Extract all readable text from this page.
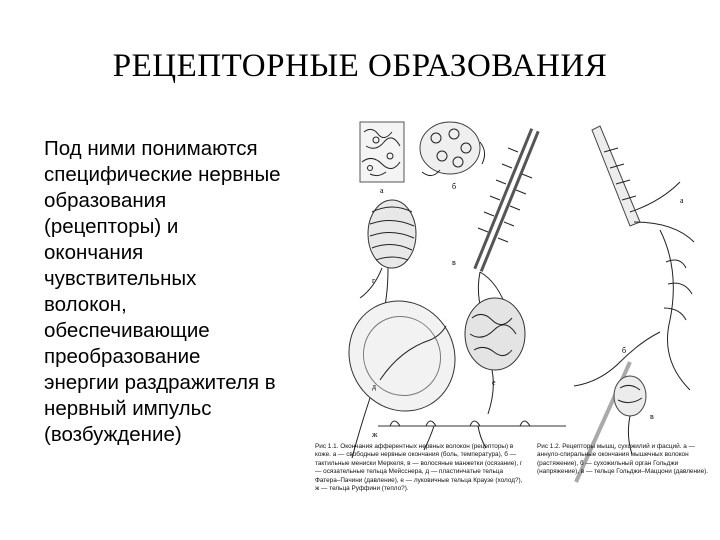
РЕЦЕПТОРНЫЕ ОБРАЗОВАНИЯ
Под ними понимаются
специфические нервные
образования
(рецепторы) и
окончания
чувствительных
волокон,
обеспечивающие
преобразование
энергии раздражителя в
нервный импульс
(возбуждение)
а	б
в
г
д	е
ж
а
б
в
Рис 1.1. Окончания афферентных нервных волокон (рецепторы) в коже. а — свободные нервные окончания (боль, температура), б — тактильные мениски Меркеля, в — волосяные манжетки (осязание), г — осязательные тельца Мейсснера, д — пластинчатые тельца Фатера–Пачини (давление), е — луковичные тельца Краузе (холод?), ж — тельца Руффини (тепло?).
Рис 1.2. Рецепторы мышц, сухожилий и фасций. а — аннуло-спиральные окончания мышечных волокон (растяжение), б — сухожильный орган Гольджи (напряжение), в — тельце Гольджи–Маццони (давление).
